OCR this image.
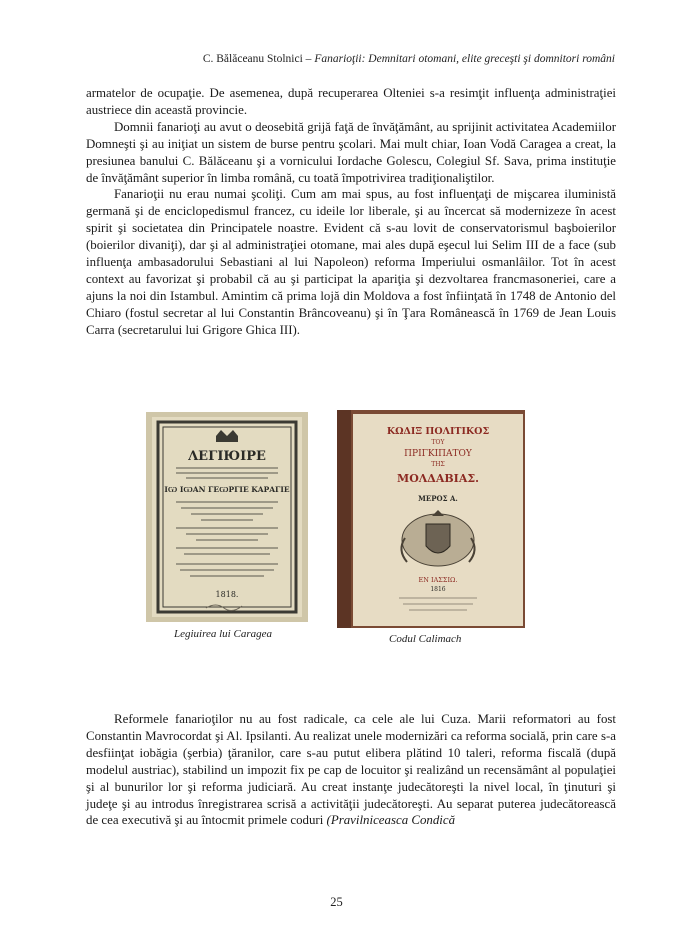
C. Bălăceanu Stolnici – Fanarioţii: Demnitari otomani, elite greceşti şi domnitori români

armatelor de ocupaţie. De asemenea, după recuperarea Olteniei s-a resimţit influenţa administraţiei austriece din această provincie.

Domnii fanarioţi au avut o deosebită grijă faţă de învăţământ, au sprijinit activitatea Academiilor Domneşti şi au iniţiat un sistem de burse pentru şcolari. Mai mult chiar, Ioan Vodă Caragea a creat, la presiunea banului C. Bălăceanu şi a vornicului Iordache Golescu, Colegiul Sf. Sava, prima instituţie de învăţământ superior în limba română, cu toată împotrivirea tradiţionaliştilor.

Fanarioţii nu erau numai şcoliţi. Cum am mai spus, au fost influenţaţi de mişcarea iluministă germană şi de enciclopedismul francez, cu ideile lor liberale, şi au încercat să modernizeze în acest spirit şi societatea din Principatele noastre. Evident că s-au lovit de conservatorismul başboierilor (boierilor divaniţi), dar şi al administraţiei otomane, mai ales după eşecul lui Selim III de a face (sub influenţa ambasadorului Sebastiani al lui Napoleon) reforma Imperiului osmanlâilor. Tot în acest context au favorizat şi probabil că au şi participat la apariţia şi dezvoltarea francmasoneriei, care a ajuns la noi din Istambul. Amintim că prima lojă din Moldova a fost înfiinţată în 1748 de Antonio del Chiaro (fostul secretar al lui Constantin Brâncoveanu) şi în Ţara Românească în 1769 de Jean Louis Carra (secretarului lui Grigore Ghica III).

ΛΕΓΙЮΙΡΕ
ΙѠ ΙѠΑΝ ΓΕѠΡΓΙΕ ΚΑΡΑΓΙΕ
1818.
Legiuirea lui Caragea
ΚΩΔΙΞ ΠΟΛΙΤΙΚΟΣ
ΤΟΥ
ΠΡΙΓΚΙΠΑΤΟΥ
ΤΗΣ
ΜΟΛΔΑΒΙΑΣ.
ΜΕΡΟΣ Α.
ΕΝ ΙΑΣΣΙΩ.
1816
Codul Calimach

Reformele fanarioţilor nu au fost radicale, ca cele ale lui Cuza. Marii reformatori au fost Constantin Mavrocordat şi Al. Ipsilanti. Au realizat unele modernizări ca reforma socială, prin care s-a desfiinţat iobăgia (şerbia) ţăranilor, care s-au putut elibera plătind 10 taleri, reforma fiscală (după modelul austriac), stabilind un impozit fix pe cap de locuitor şi realizând un recensământ al populaţiei şi al bunurilor lor şi reforma judiciară. Au creat instanţe judecătoreşti la nivel local, în ţinuturi şi judeţe şi au introdus înregistrarea scrisă a activităţii judecătoreşti. Au separat puterea judecătorească de cea executivă şi au întocmit primele coduri (Pravilniceasca Condică

25
